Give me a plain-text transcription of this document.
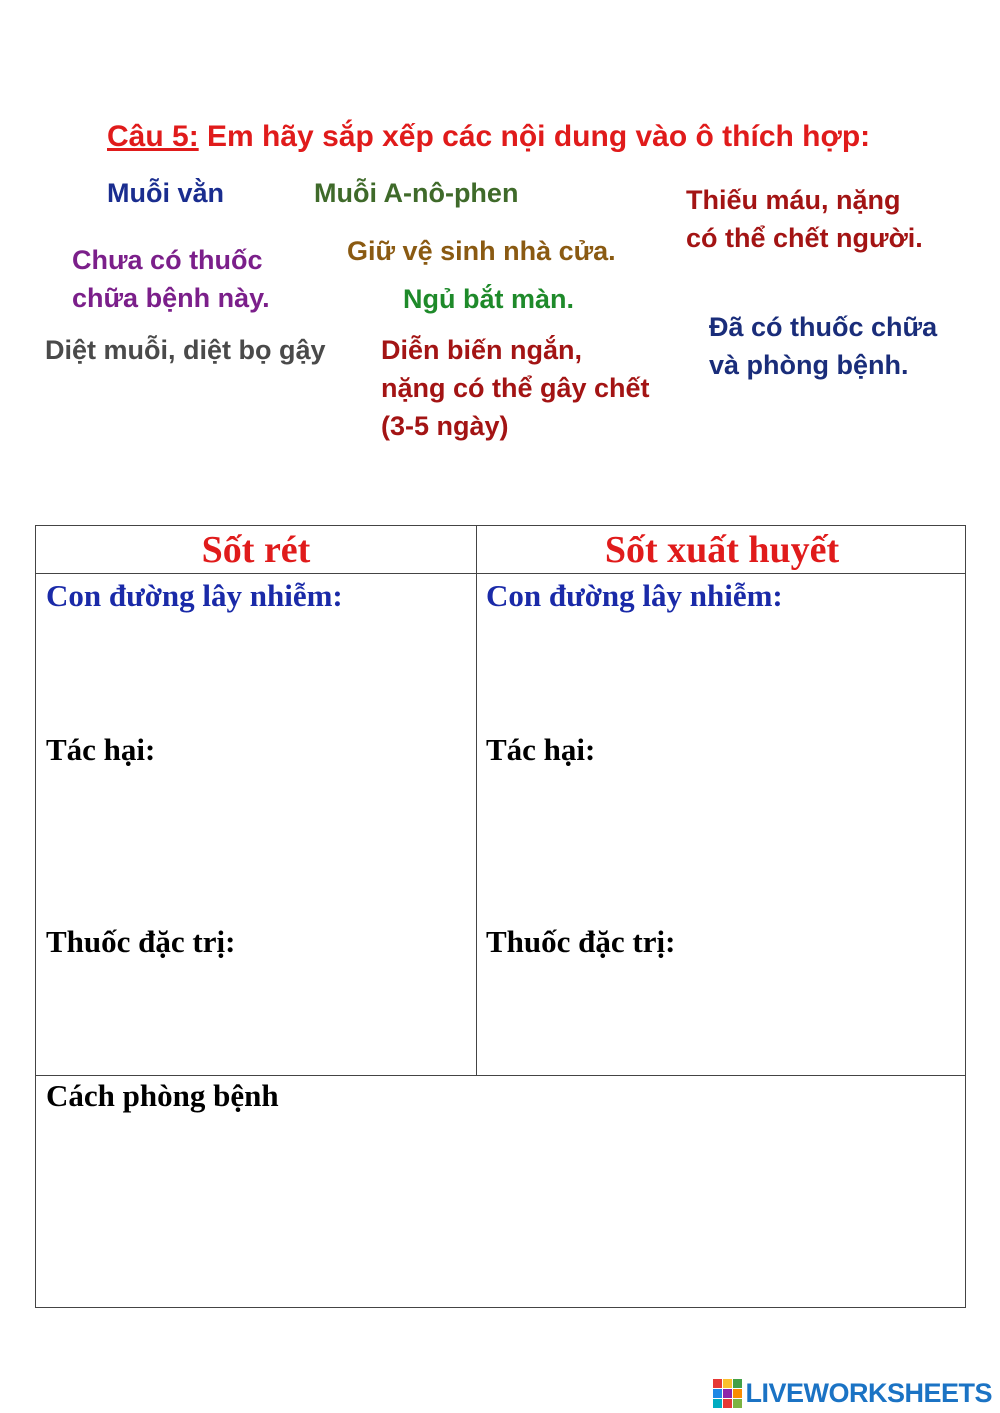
Câu 5: Em hãy sắp xếp các nội dung vào ô thích hợp:
Muỗi vằn	Muỗi A-nô-phen	Thiếu máu, nặng
có thể chết người.
Chưa có thuốc
chữa bệnh này.
Giữ vệ sinh nhà cửa.
Ngủ bắt màn.
Diệt muỗi, diệt bọ gậy Diễn biến ngắn,
nặng có thể gây chết
(3-5 ngày)
Đã có thuốc chữa
và phòng bệnh.
Sốt rét	Sốt xuất huyết
Con đường lây nhiễm:
Tác hại:
Thuốc đặc trị:
Con đường lây nhiễm:
Tác hại:
Thuốc đặc trị:
Cách phòng bệnh
LIVEWORKSHEETS
